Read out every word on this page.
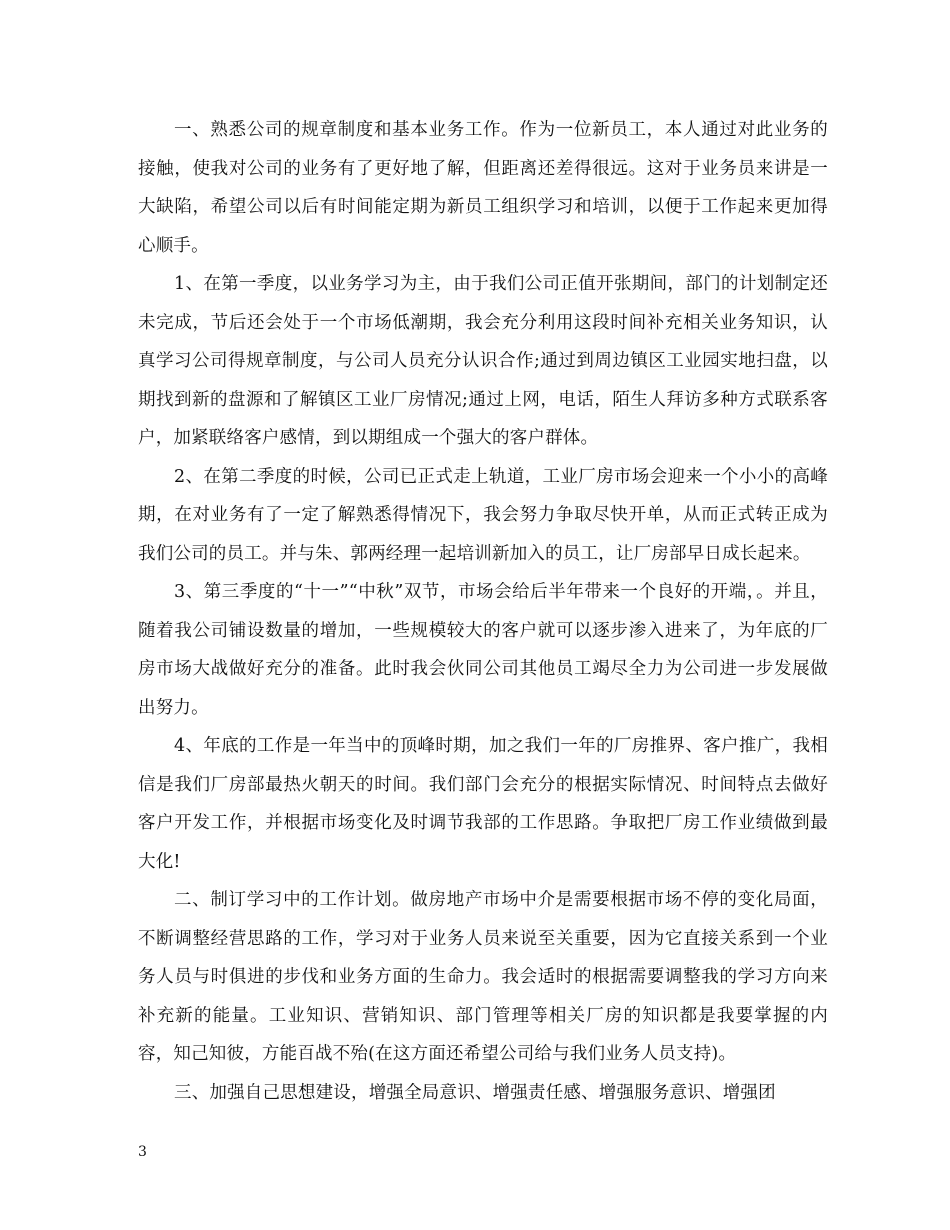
一、熟悉公司的规章制度和基本业务工作。作为一位新员工，本人通过对此业务的接触，使我对公司的业务有了更好地了解，但距离还差得很远。这对于业务员来讲是一大缺陷，希望公司以后有时间能定期为新员工组织学习和培训，以便于工作起来更加得心顺手。

1、在第一季度，以业务学习为主，由于我们公司正值开张期间，部门的计划制定还未完成，节后还会处于一个市场低潮期，我会充分利用这段时间补充相关业务知识，认真学习公司得规章制度，与公司人员充分认识合作;通过到周边镇区工业园实地扫盘，以期找到新的盘源和了解镇区工业厂房情况;通过上网，电话，陌生人拜访多种方式联系客户，加紧联络客户感情，到以期组成一个强大的客户群体。

2、在第二季度的时候，公司已正式走上轨道，工业厂房市场会迎来一个小小的高峰期，在对业务有了一定了解熟悉得情况下，我会努力争取尽快开单，从而正式转正成为我们公司的员工。并与朱、郭两经理一起培训新加入的员工，让厂房部早日成长起来。

3、第三季度的“十一”“中秋”双节，市场会给后半年带来一个良好的开端，。并且，随着我公司铺设数量的增加，一些规模较大的客户就可以逐步渗入进来了，为年底的厂房市场大战做好充分的准备。此时我会伙同公司其他员工竭尽全力为公司进一步发展做出努力。

4、年底的工作是一年当中的顶峰时期，加之我们一年的厂房推界、客户推广，我相信是我们厂房部最热火朝天的时间。我们部门会充分的根据实际情况、时间特点去做好客户开发工作，并根据市场变化及时调节我部的工作思路。争取把厂房工作业绩做到最大化!

二、制订学习中的工作计划。做房地产市场中介是需要根据市场不停的变化局面，不断调整经营思路的工作，学习对于业务人员来说至关重要，因为它直接关系到一个业务人员与时俱进的步伐和业务方面的生命力。我会适时的根据需要调整我的学习方向来补充新的能量。工业知识、营销知识、部门管理等相关厂房的知识都是我要掌握的内容，知己知彼，方能百战不殆(在这方面还希望公司给与我们业务人员支持)。

三、加强自己思想建设，增强全局意识、增强责任感、增强服务意识、增强团

3
